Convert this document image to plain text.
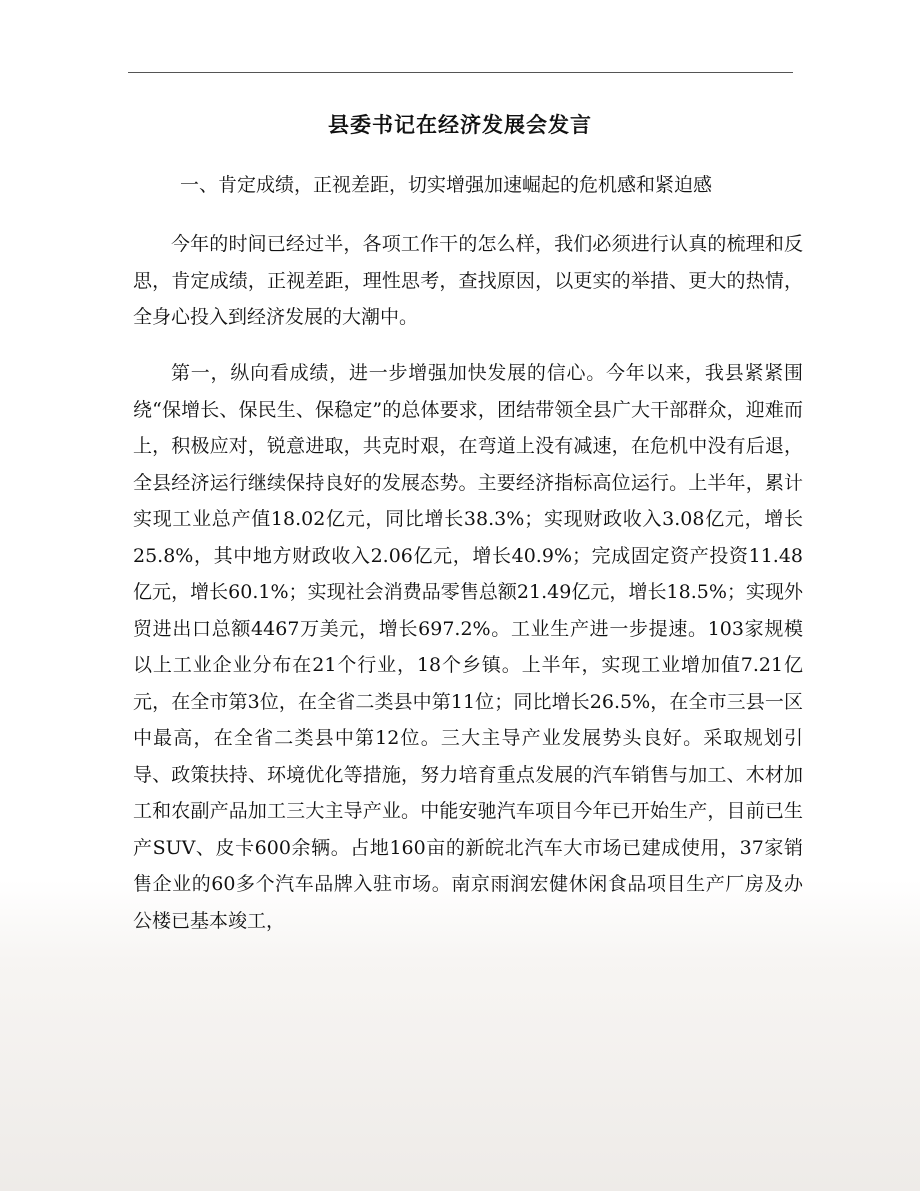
县委书记在经济发展会发言

一、肯定成绩，正视差距，切实增强加速崛起的危机感和紧迫感

今年的时间已经过半，各项工作干的怎么样，我们必须进行认真的梳理和反思，肯定成绩，正视差距，理性思考，查找原因，以更实的举措、更大的热情，全身心投入到经济发展的大潮中。

第一，纵向看成绩，进一步增强加快发展的信心。今年以来，我县紧紧围绕“保增长、保民生、保稳定”的总体要求，团结带领全县广大干部群众，迎难而上，积极应对，锐意进取，共克时艰，在弯道上没有减速，在危机中没有后退，全县经济运行继续保持良好的发展态势。主要经济指标高位运行。上半年，累计实现工业总产值18.02亿元，同比增长38.3%；实现财政收入3.08亿元，增长25.8%，其中地方财政收入2.06亿元，增长40.9%；完成固定资产投资11.48亿元，增长60.1%；实现社会消费品零售总额21.49亿元，增长18.5%；实现外贸进出口总额4467万美元，增长697.2%。工业生产进一步提速。103家规模以上工业企业分布在21个行业，18个乡镇。上半年，实现工业增加值7.21亿元，在全市第3位，在全省二类县中第11位；同比增长26.5%，在全市三县一区中最高，在全省二类县中第12位。三大主导产业发展势头良好。采取规划引导、政策扶持、环境优化等措施，努力培育重点发展的汽车销售与加工、木材加工和农副产品加工三大主导产业。中能安驰汽车项目今年已开始生产，目前已生产SUV、皮卡600余辆。占地160亩的新皖北汽车大市场已建成使用，37家销售企业的60多个汽车品牌入驻市场。南京雨润宏健休闲食品项目生产厂房及办公楼已基本竣工，
